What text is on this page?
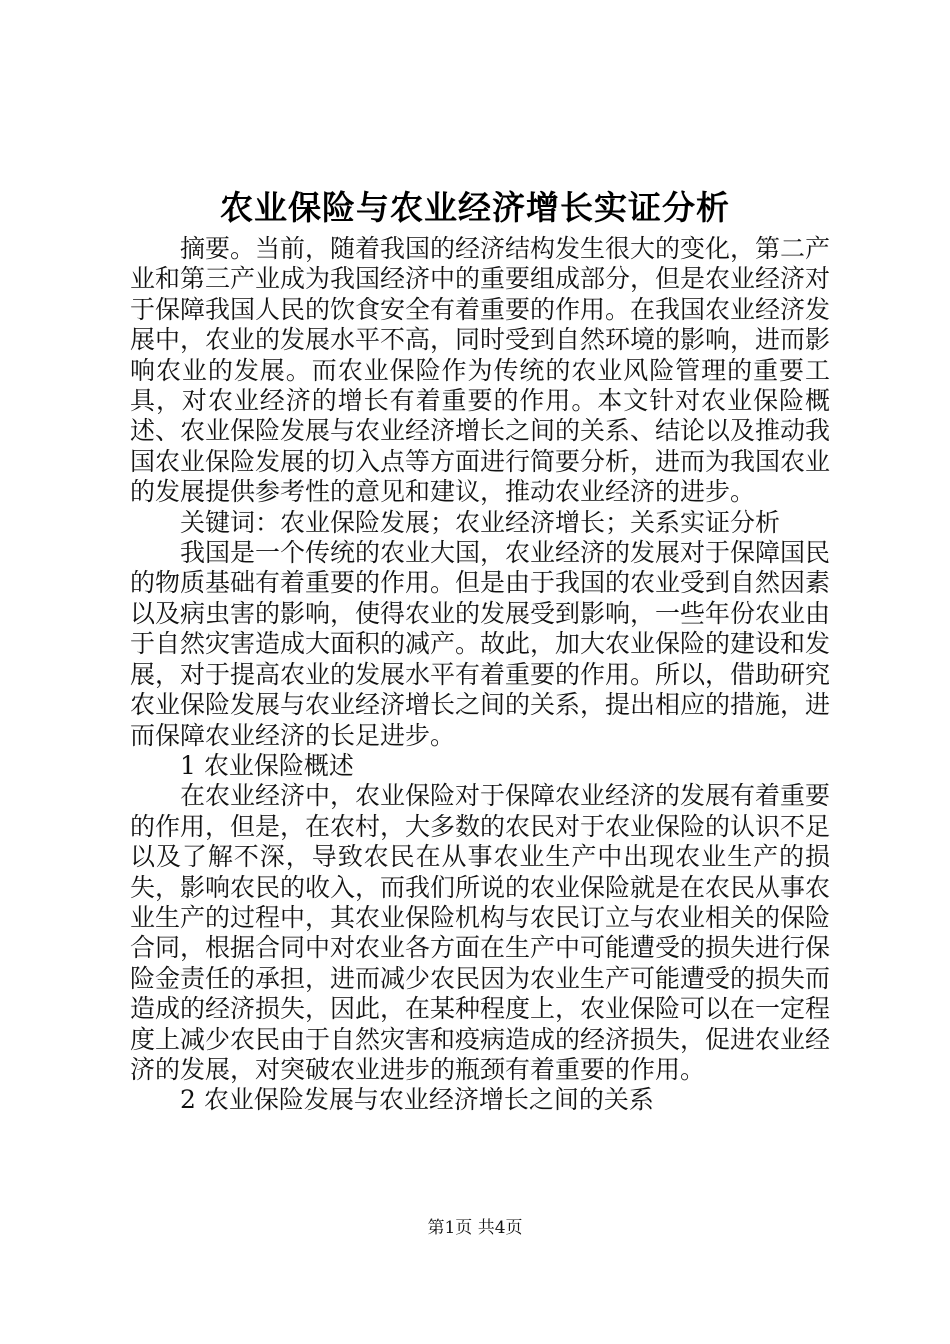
农业保险与农业经济增长实证分析

摘要。当前，随着我国的经济结构发生很大的变化，第二产业和第三产业成为我国经济中的重要组成部分，但是农业经济对于保障我国人民的饮食安全有着重要的作用。在我国农业经济发展中，农业的发展水平不高，同时受到自然环境的影响，进而影响农业的发展。而农业保险作为传统的农业风险管理的重要工具，对农业经济的增长有着重要的作用。本文针对农业保险概述、农业保险发展与农业经济增长之间的关系、结论以及推动我国农业保险发展的切入点等方面进行简要分析，进而为我国农业的发展提供参考性的意见和建议，推动农业经济的进步。

关键词：农业保险发展；农业经济增长；关系实证分析

我国是一个传统的农业大国，农业经济的发展对于保障国民的物质基础有着重要的作用。但是由于我国的农业受到自然因素以及病虫害的影响，使得农业的发展受到影响，一些年份农业由于自然灾害造成大面积的减产。故此，加大农业保险的建设和发展，对于提高农业的发展水平有着重要的作用。所以，借助研究农业保险发展与农业经济增长之间的关系，提出相应的措施，进而保障农业经济的长足进步。

1 农业保险概述

在农业经济中，农业保险对于保障农业经济的发展有着重要的作用，但是，在农村，大多数的农民对于农业保险的认识不足以及了解不深，导致农民在从事农业生产中出现农业生产的损失，影响农民的收入，而我们所说的农业保险就是在农民从事农业生产的过程中，其农业保险机构与农民订立与农业相关的保险合同，根据合同中对农业各方面在生产中可能遭受的损失进行保险金责任的承担，进而减少农民因为农业生产可能遭受的损失而造成的经济损失，因此，在某种程度上，农业保险可以在一定程度上减少农民由于自然灾害和疫病造成的经济损失，促进农业经济的发展，对突破农业进步的瓶颈有着重要的作用。

2 农业保险发展与农业经济增长之间的关系

第1页 共4页
